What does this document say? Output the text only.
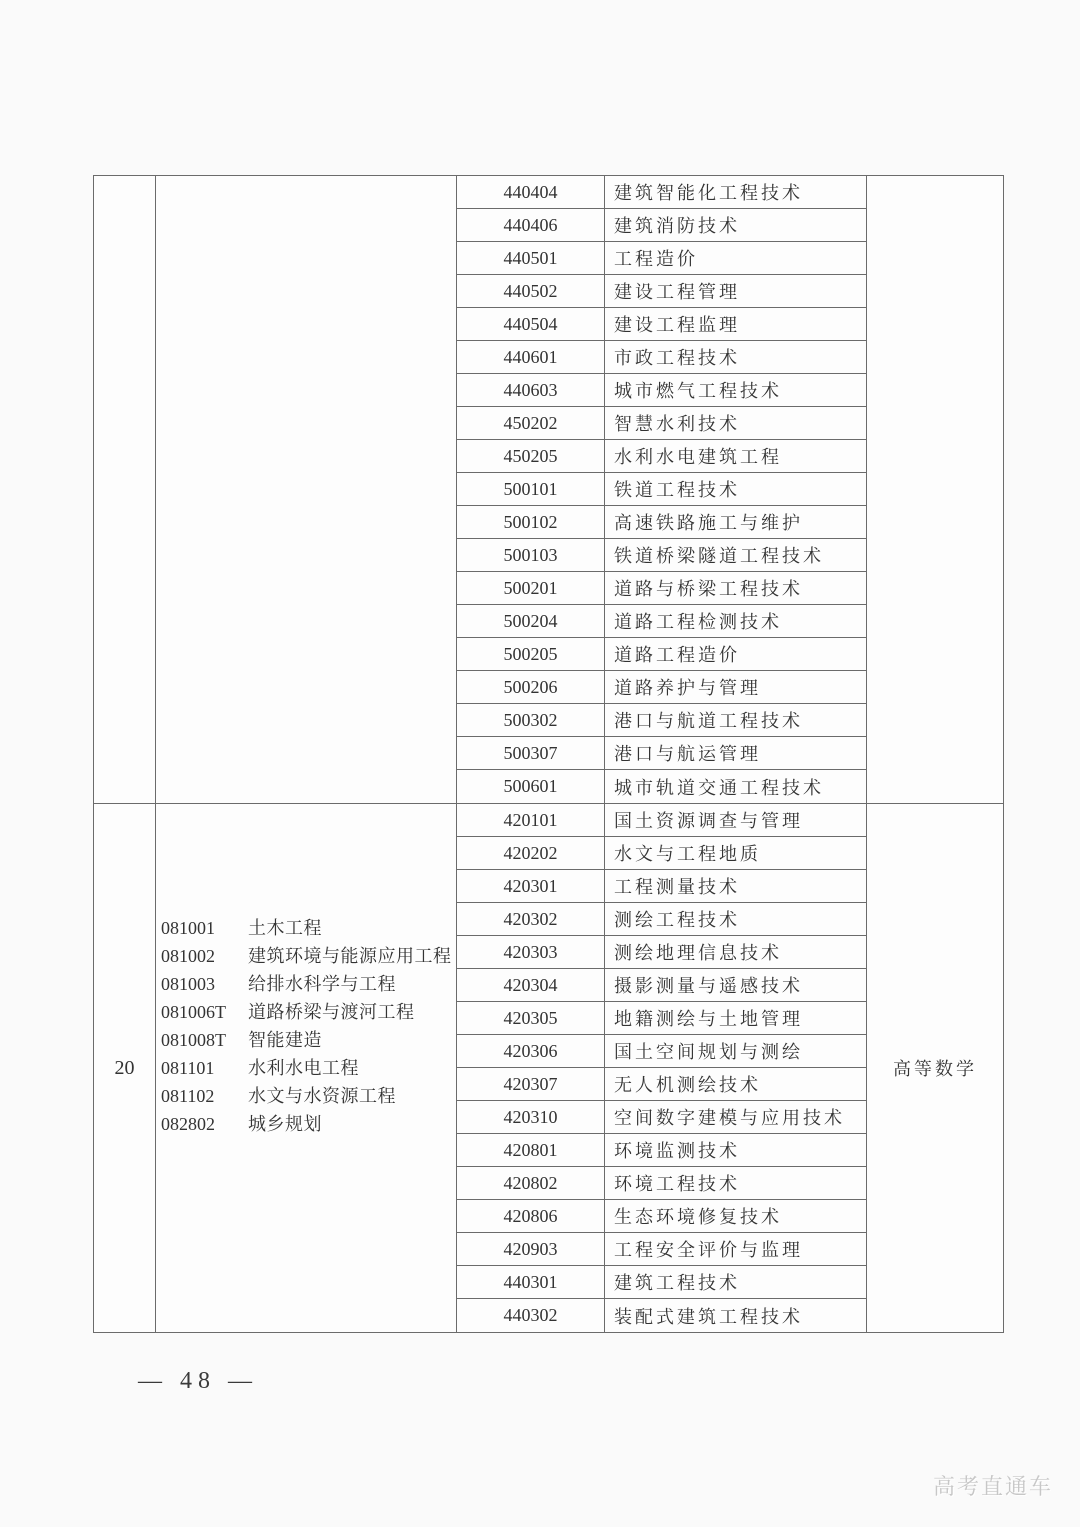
440404	建筑智能化工程技术
440406	建筑消防技术
440501	工程造价
440502	建设工程管理
440504	建设工程监理
440601	市政工程技术
440603	城市燃气工程技术
450202	智慧水利技术
450205	水利水电建筑工程
500101	铁道工程技术
500102	高速铁路施工与维护
500103	铁道桥梁隧道工程技术
500201	道路与桥梁工程技术
500204	道路工程检测技术
500205	道路工程造价
500206	道路养护与管理
500302	港口与航道工程技术
500307	港口与航运管理
500601	城市轨道交通工程技术
20
081001	土木工程
081002	建筑环境与能源应用工程
081003	给排水科学与工程
081006T	道路桥梁与渡河工程
081008T	智能建造
081101	水利水电工程
081102	水文与水资源工程
082802	城乡规划
420101	国土资源调查与管理
420202	水文与工程地质
420301	工程测量技术
420302	测绘工程技术
420303	测绘地理信息技术
420304	摄影测量与遥感技术
420305	地籍测绘与土地管理
420306	国土空间规划与测绘
420307	无人机测绘技术
420310	空间数字建模与应用技术
420801	环境监测技术
420802	环境工程技术
420806	生态环境修复技术
420903	工程安全评价与监理
440301	建筑工程技术
440302	装配式建筑工程技术
高等数学
— 48 —
高考直通车
